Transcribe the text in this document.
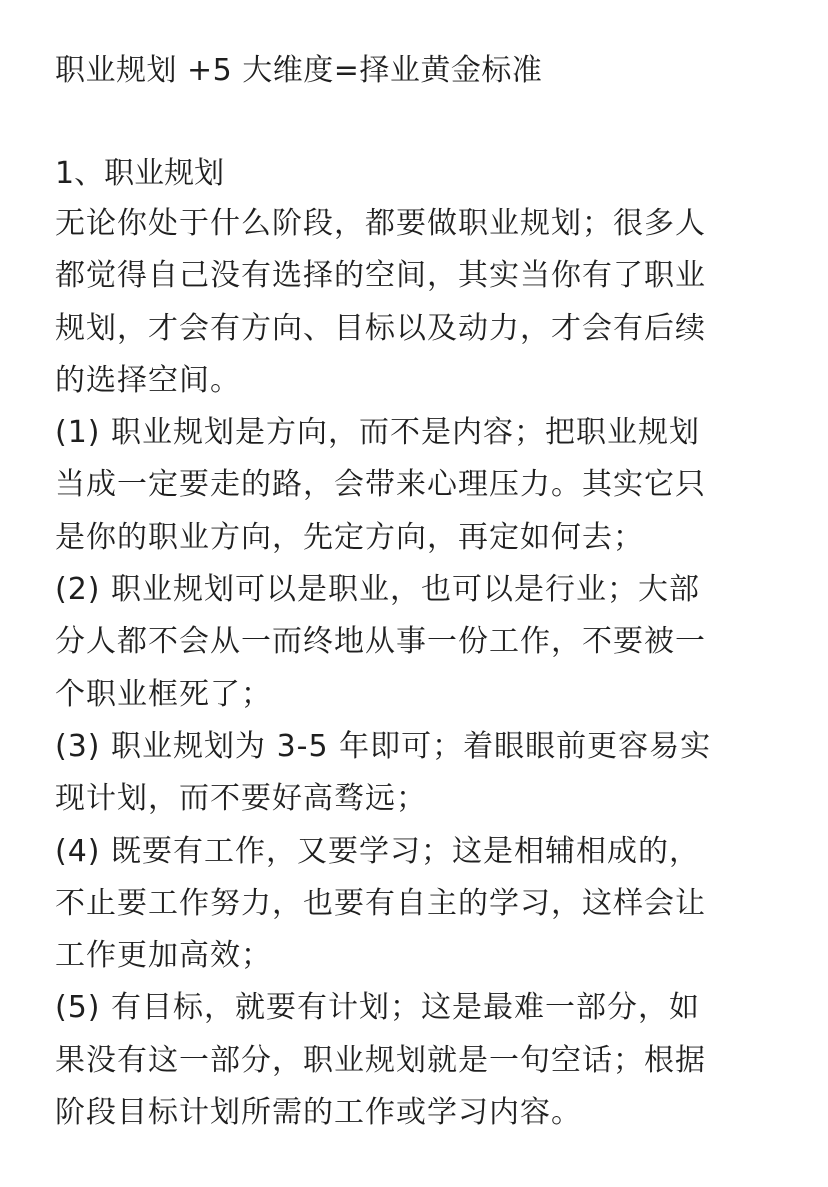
职业规划 +5 大维度=择业黄金标准
1、职业规划
无论你处于什么阶段，都要做职业规划；很多人
都觉得自己没有选择的空间，其实当你有了职业
规划，才会有方向、目标以及动力，才会有后续
的选择空间。
(1) 职业规划是方向，而不是内容；把职业规划
当成一定要走的路，会带来心理压力。其实它只
是你的职业方向，先定方向，再定如何去；
(2) 职业规划可以是职业，也可以是行业；大部
分人都不会从一而终地从事一份工作，不要被一
个职业框死了；
(3) 职业规划为 3-5 年即可；着眼眼前更容易实
现计划，而不要好高骛远；
(4) 既要有工作，又要学习；这是相辅相成的，
不止要工作努力，也要有自主的学习，这样会让
工作更加高效；
(5) 有目标，就要有计划；这是最难一部分，如
果没有这一部分，职业规划就是一句空话；根据
阶段目标计划所需的工作或学习内容。
